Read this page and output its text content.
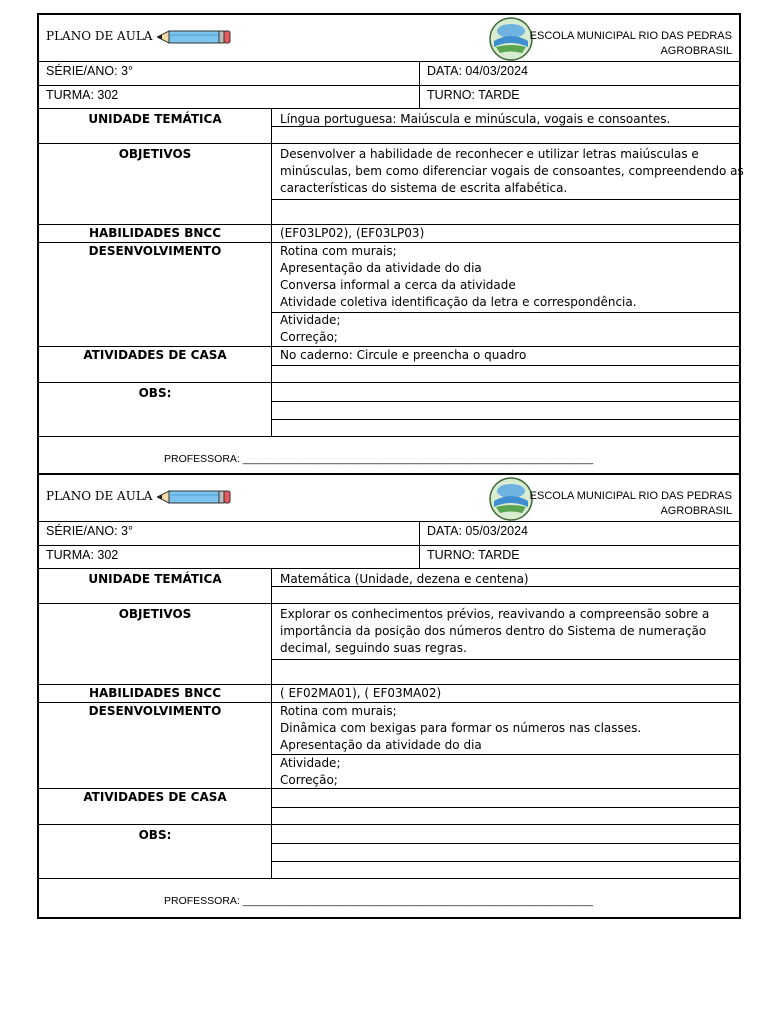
PLANO DE AULA	ESCOLA MUNICIPAL RIO DAS PEDRAS
AGROBRASIL
SÉRIE/ANO: 3°	DATA: 04/03/2024
TURMA: 302	TURNO: TARDE
UNIDADE TEMÁTICA	Língua portuguesa: Maiúscula e minúscula, vogais e consoantes.
OBJETIVOS	Desenvolver a habilidade de reconhecer e utilizar letras maiúsculas e
minúsculas, bem como diferenciar vogais de consoantes, compreendendo as
características do sistema de escrita alfabética.
HABILIDADES BNCC	(EF03LP02), (EF03LP03)
DESENVOLVIMENTO	Rotina com murais;
Apresentação da atividade do dia
Conversa informal a cerca da atividade
Atividade coletiva identificação da letra e correspondência.
Atividade;
Correção;
ATIVIDADES DE CASA	No caderno: Circule e preencha o quadro
OBS:
PROFESSORA: ____________________________________________________________
PLANO DE AULA	ESCOLA MUNICIPAL RIO DAS PEDRAS
AGROBRASIL
SÉRIE/ANO: 3°	DATA: 05/03/2024
TURMA: 302	TURNO: TARDE
UNIDADE TEMÁTICA	Matemática (Unidade, dezena e centena)
OBJETIVOS	Explorar os conhecimentos prévios, reavivando a compreensão sobre a
importância da posição dos números dentro do Sistema de numeração
decimal, seguindo suas regras.
HABILIDADES BNCC	( EF02MA01), ( EF03MA02)
DESENVOLVIMENTO	Rotina com murais;
Dinâmica com bexigas para formar os números nas classes.
Apresentação da atividade do dia
Atividade;
Correção;
ATIVIDADES DE CASA
OBS:
PROFESSORA: ____________________________________________________________
